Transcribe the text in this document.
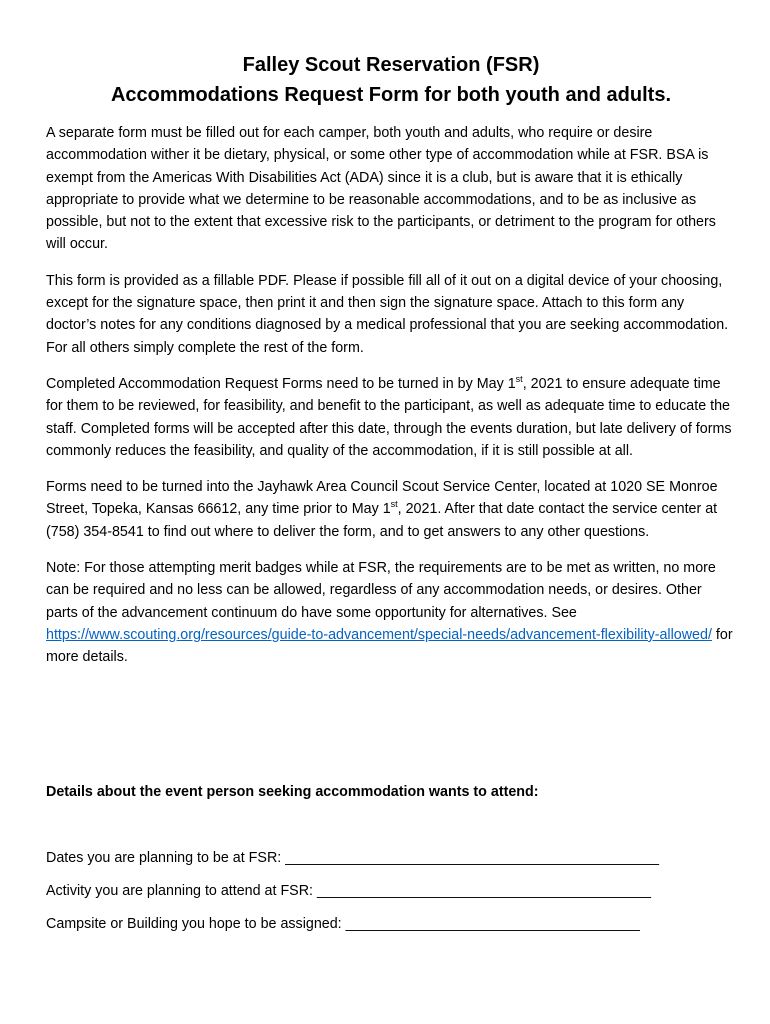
Falley Scout Reservation (FSR)
Accommodations Request Form for both youth and adults.

A separate form must be filled out for each camper, both youth and adults, who require or desire accommodation wither it be dietary, physical, or some other type of accommodation while at FSR. BSA is exempt from the Americas With Disabilities Act (ADA) since it is a club, but is aware that it is ethically appropriate to provide what we determine to be reasonable accommodations, and to be as inclusive as possible, but not to the extent that excessive risk to the participants, or detriment to the program for others will occur.

This form is provided as a fillable PDF. Please if possible fill all of it out on a digital device of your choosing, except for the signature space, then print it and then sign the signature space. Attach to this form any doctor’s notes for any conditions diagnosed by a medical professional that you are seeking accommodation. For all others simply complete the rest of the form.

Completed Accommodation Request Forms need to be turned in by May 1st, 2021 to ensure adequate time for them to be reviewed, for feasibility, and benefit to the participant, as well as adequate time to educate the staff. Completed forms will be accepted after this date, through the events duration, but late delivery of forms commonly reduces the feasibility, and quality of the accommodation, if it is still possible at all.

Forms need to be turned into the Jayhawk Area Council Scout Service Center, located at 1020 SE Monroe Street, Topeka, Kansas 66612, any time prior to May 1st, 2021. After that date contact the service center at (758) 354-8541 to find out where to deliver the form, and to get answers to any other questions.

Note: For those attempting merit badges while at FSR, the requirements are to be met as written, no more can be required and no less can be allowed, regardless of any accommodation needs, or desires. Other parts of the advancement continuum do have some opportunity for alternatives. See https://www.scouting.org/resources/guide-to-advancement/special-needs/advancement-flexibility-allowed/ for more details.

Details about the event person seeking accommodation wants to attend:
Dates you are planning to be at FSR: _______________________________________________
Activity you are planning to attend at FSR: __________________________________________
Campsite or Building you hope to be assigned: _____________________________________
